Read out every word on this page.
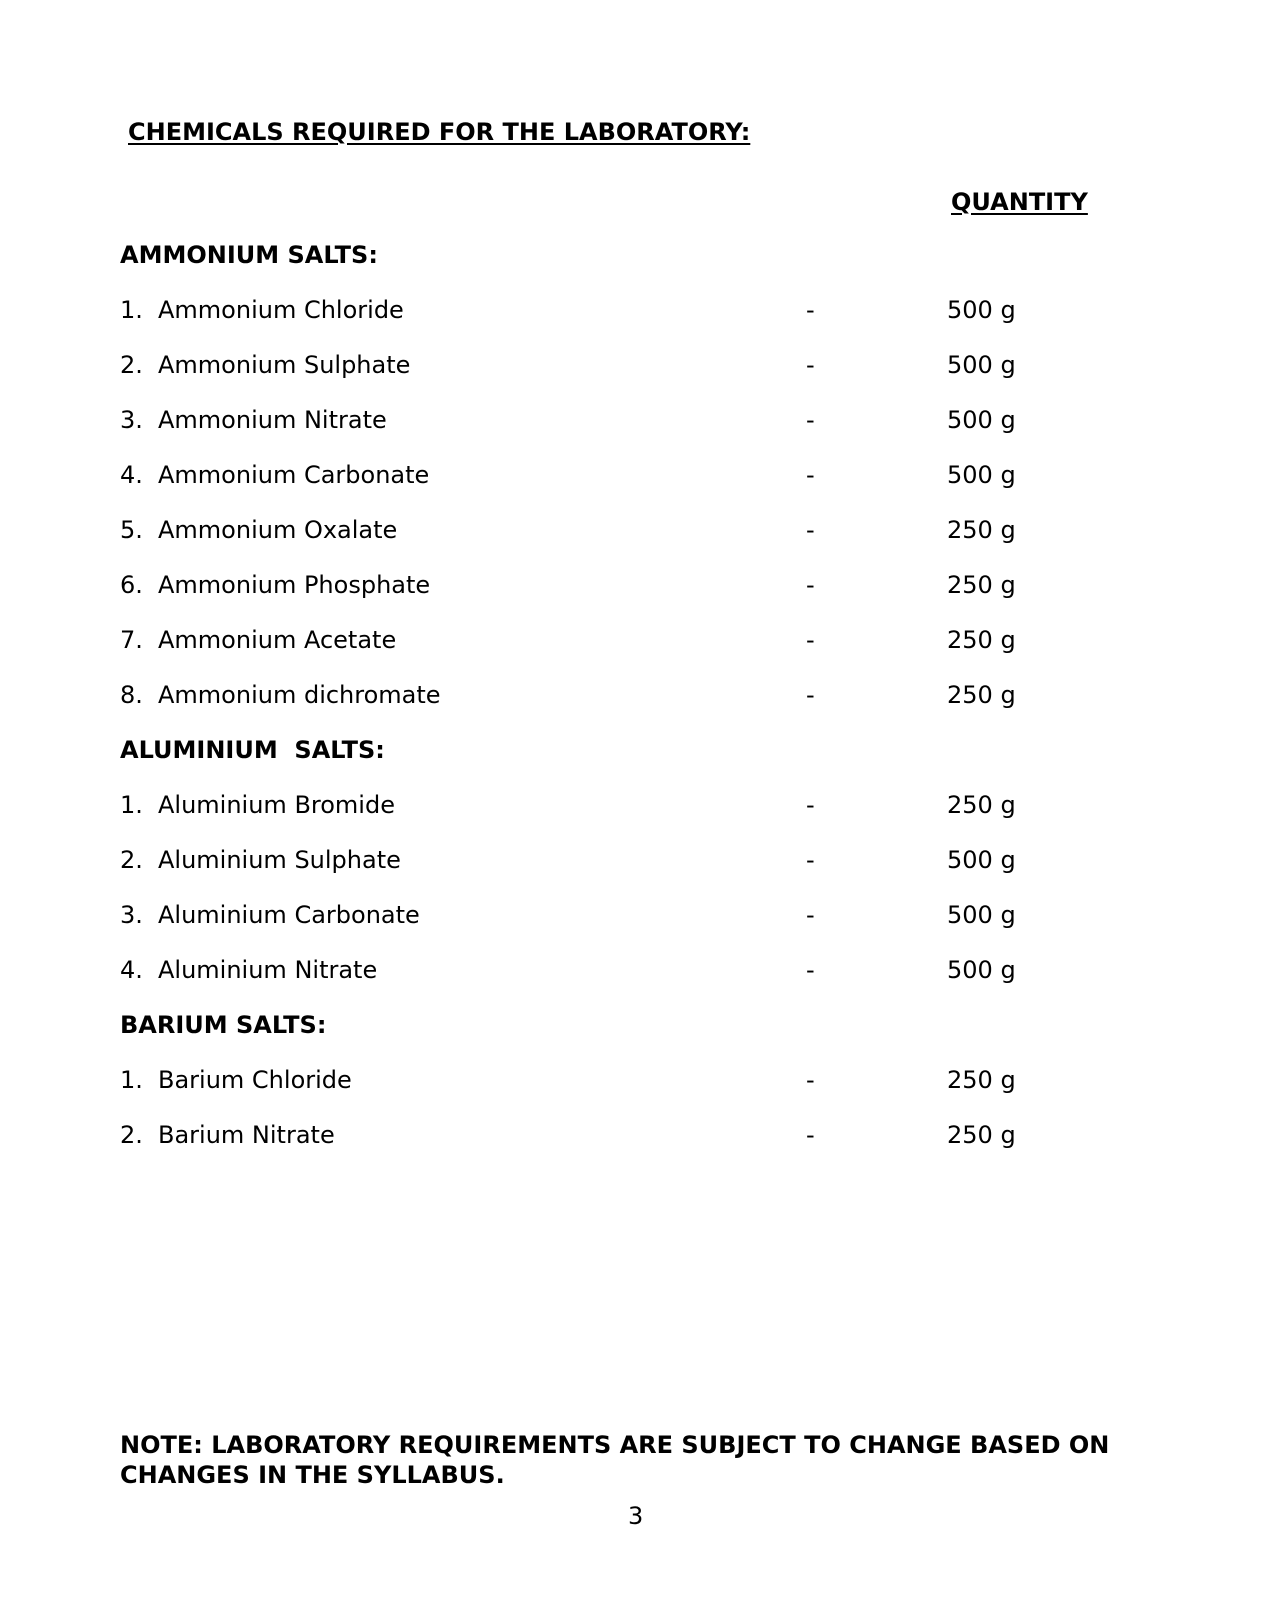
CHEMICALS REQUIRED FOR THE LABORATORY:
QUANTITY
AMMONIUM SALTS:
1. Ammonium Chloride	-	500 g
2. Ammonium Sulphate	-	500 g
3. Ammonium Nitrate	-	500 g
4. Ammonium Carbonate	-	500 g
5. Ammonium Oxalate	-	250 g
6. Ammonium Phosphate	-	250 g
7. Ammonium Acetate	-	250 g
8. Ammonium dichromate	-	250 g
ALUMINIUM  SALTS:
1. Aluminium Bromide	-	250 g
2. Aluminium Sulphate	-	500 g
3. Aluminium Carbonate	-	500 g
4. Aluminium Nitrate	-	500 g
BARIUM SALTS:
1. Barium Chloride	-	250 g
2. Barium Nitrate	-	250 g
NOTE: LABORATORY REQUIREMENTS ARE SUBJECT TO CHANGE BASED ON CHANGES IN THE SYLLABUS.
3
